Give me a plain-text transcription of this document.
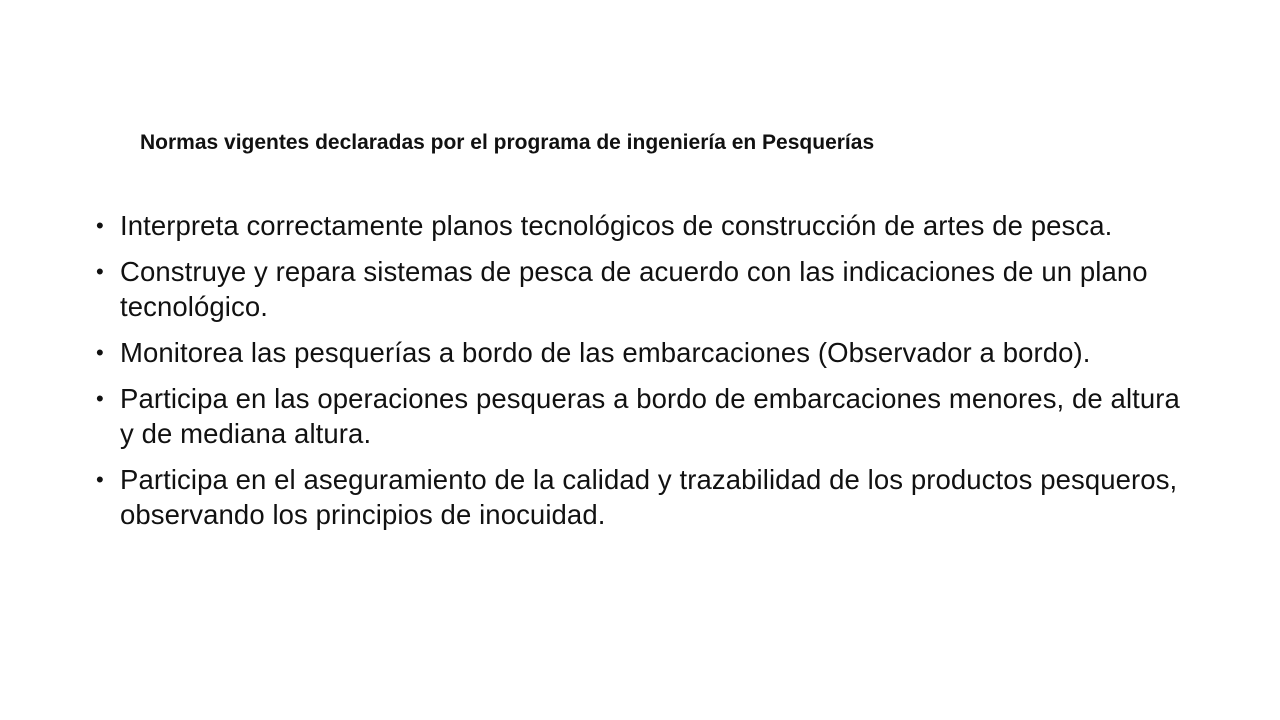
Normas vigentes declaradas por el programa de ingeniería en Pesquerías
• Interpreta correctamente planos tecnológicos de construcción de artes de pesca.
• Construye y repara sistemas de pesca de acuerdo con las indicaciones de un plano tecnológico.
• Monitorea las pesquerías a bordo de las embarcaciones (Observador a bordo).
• Participa en las operaciones pesqueras a bordo de embarcaciones menores, de altura y de mediana altura.
• Participa en el aseguramiento de la calidad y trazabilidad de los productos pesqueros, observando los principios de inocuidad.
